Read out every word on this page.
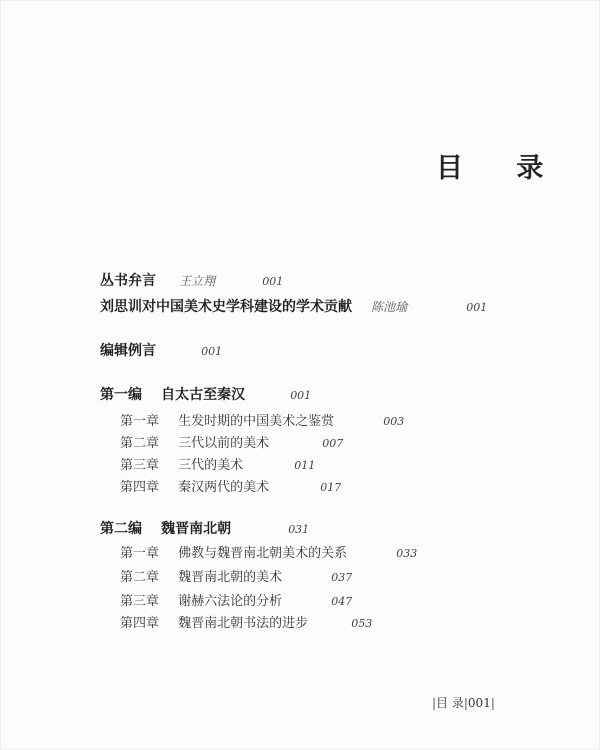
目 录
丛书弁言 王立翔	001
刘思训对中国美术史学科建设的学术贡献 陈池瑜	001
编辑例言	001
第一编 自太古至秦汉	001
第一章 生发时期的中国美术之鉴赏	003
第二章 三代以前的美术	007
第三章 三代的美术	011
第四章 秦汉两代的美术	017
第二编 魏晋南北朝	031
第一章 佛教与魏晋南北朝美术的关系	033
第二章 魏晋南北朝的美术	037
第三章 谢赫六法论的分析	047
第四章 魏晋南北朝书法的进步	053
|目 录|001|
